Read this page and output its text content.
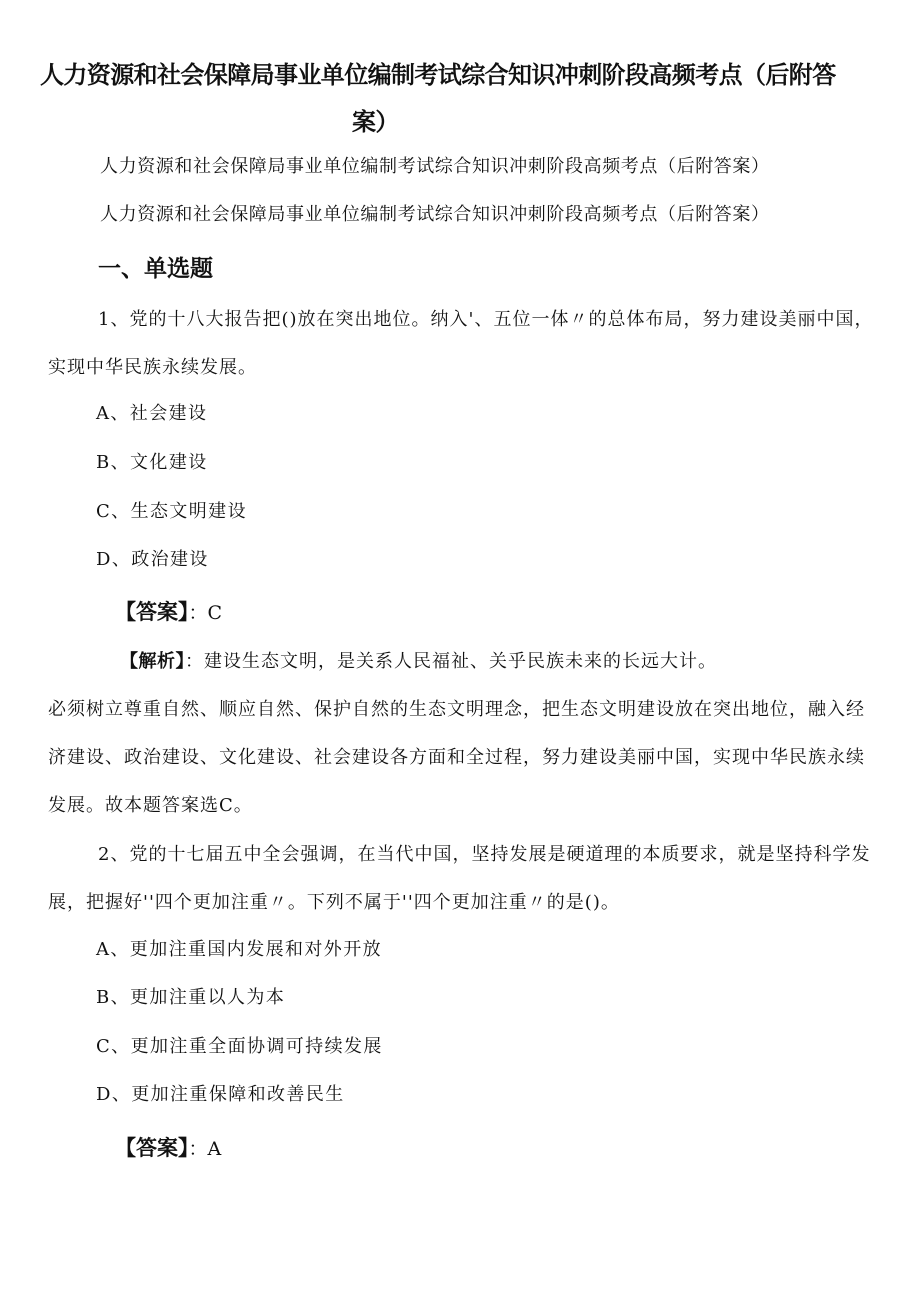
人力资源和社会保障局事业单位编制考试综合知识冲刺阶段高频考点（后附答
案）
人力资源和社会保障局事业单位编制考试综合知识冲刺阶段高频考点（后附答案）
人力资源和社会保障局事业单位编制考试综合知识冲刺阶段高频考点（后附答案）
一、单选题
1、党的十八大报告把()放在突出地位。纳入'、五位一体〃的总体布局，努力建设美丽中国，实现中华民族永续发展。
A、社会建设
B、文化建设
C、生态文明建设
D、政治建设
【答案】：C
【解析】：建设生态文明，是关系人民福祉、关乎民族未来的长远大计。
必须树立尊重自然、顺应自然、保护自然的生态文明理念，把生态文明建设放在突出地位，融入经济建设、政治建设、文化建设、社会建设各方面和全过程，努力建设美丽中国，实现中华民族永续发展。故本题答案选C。
2、党的十七届五中全会强调，在当代中国，坚持发展是硬道理的本质要求，就是坚持科学发展，把握好''四个更加注重〃。下列不属于''四个更加注重〃的是()。
A、更加注重国内发展和对外开放
B、更加注重以人为本
C、更加注重全面协调可持续发展
D、更加注重保障和改善民生
【答案】：A
